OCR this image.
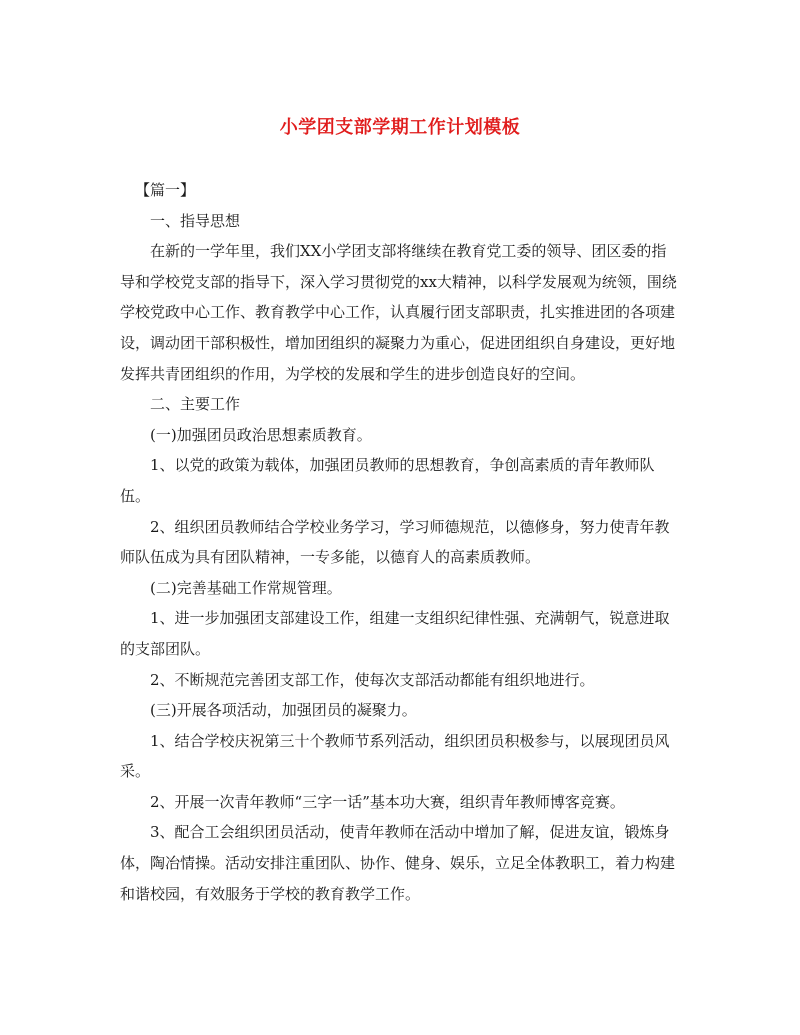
小学团支部学期工作计划模板

【篇一】

一、指导思想

在新的一学年里，我们XX小学团支部将继续在教育党工委的领导、团区委的指导和学校党支部的指导下，深入学习贯彻党的xx大精神，以科学发展观为统领，围绕学校党政中心工作、教育教学中心工作，认真履行团支部职责，扎实推进团的各项建设，调动团干部积极性，增加团组织的凝聚力为重心，促进团组织自身建设，更好地发挥共青团组织的作用，为学校的发展和学生的进步创造良好的空间。

二、主要工作

(一)加强团员政治思想素质教育。

1、以党的政策为载体，加强团员教师的思想教育，争创高素质的青年教师队伍。

2、组织团员教师结合学校业务学习，学习师德规范，以德修身，努力使青年教师队伍成为具有团队精神，一专多能，以德育人的高素质教师。

(二)完善基础工作常规管理。

1、进一步加强团支部建设工作，组建一支组织纪律性强、充满朝气，锐意进取的支部团队。

2、不断规范完善团支部工作，使每次支部活动都能有组织地进行。

(三)开展各项活动，加强团员的凝聚力。

1、结合学校庆祝第三十个教师节系列活动，组织团员积极参与，以展现团员风采。

2、开展一次青年教师“三字一话”基本功大赛，组织青年教师博客竞赛。

3、配合工会组织团员活动，使青年教师在活动中增加了解，促进友谊，锻炼身体，陶冶情操。活动安排注重团队、协作、健身、娱乐，立足全体教职工，着力构建和谐校园，有效服务于学校的教育教学工作。
